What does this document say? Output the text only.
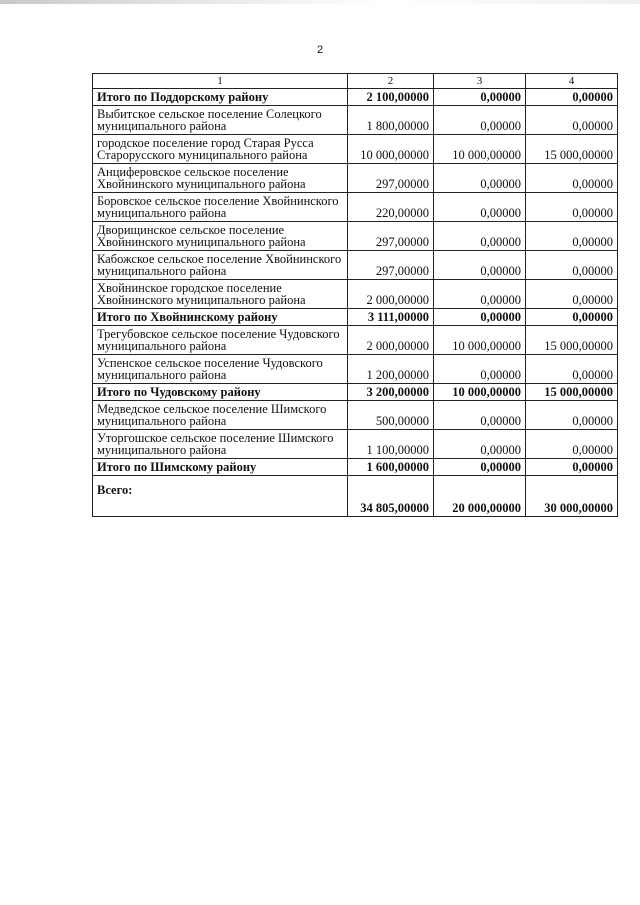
2
1	2	3	4
Итого по Поддорскому району	2 100,00000	0,00000	0,00000
Выбитское сельское поселение Солецкого муниципального района	1 800,00000	0,00000	0,00000
городское поселение город Старая Русса Старорусского муниципального района	10 000,00000	10 000,00000	15 000,00000
Анциферовское сельское поселение Хвойнинского муниципального района	297,00000	0,00000	0,00000
Боровское сельское поселение Хвойнинского муниципального района	220,00000	0,00000	0,00000
Дворищинское сельское поселение Хвойнинского муниципального района	297,00000	0,00000	0,00000
Кабожское сельское поселение Хвойнинского муниципального района	297,00000	0,00000	0,00000
Хвойнинское городское поселение Хвойнинского муниципального района	2 000,00000	0,00000	0,00000
Итого по Хвойнинскому району	3 111,00000	0,00000	0,00000
Трегубовское сельское поселение Чудовского муниципального района	2 000,00000	10 000,00000	15 000,00000
Успенское сельское поселение Чудовского муниципального района	1 200,00000	0,00000	0,00000
Итого по Чудовскому району	3 200,00000	10 000,00000	15 000,00000
Медведское сельское поселение Шимского муниципального района	500,00000	0,00000	0,00000
Уторгошское сельское поселение Шимского муниципального района	1 100,00000	0,00000	0,00000
Итого по Шимскому району	1 600,00000	0,00000	0,00000
Всего:	34 805,00000	20 000,00000	30 000,00000
